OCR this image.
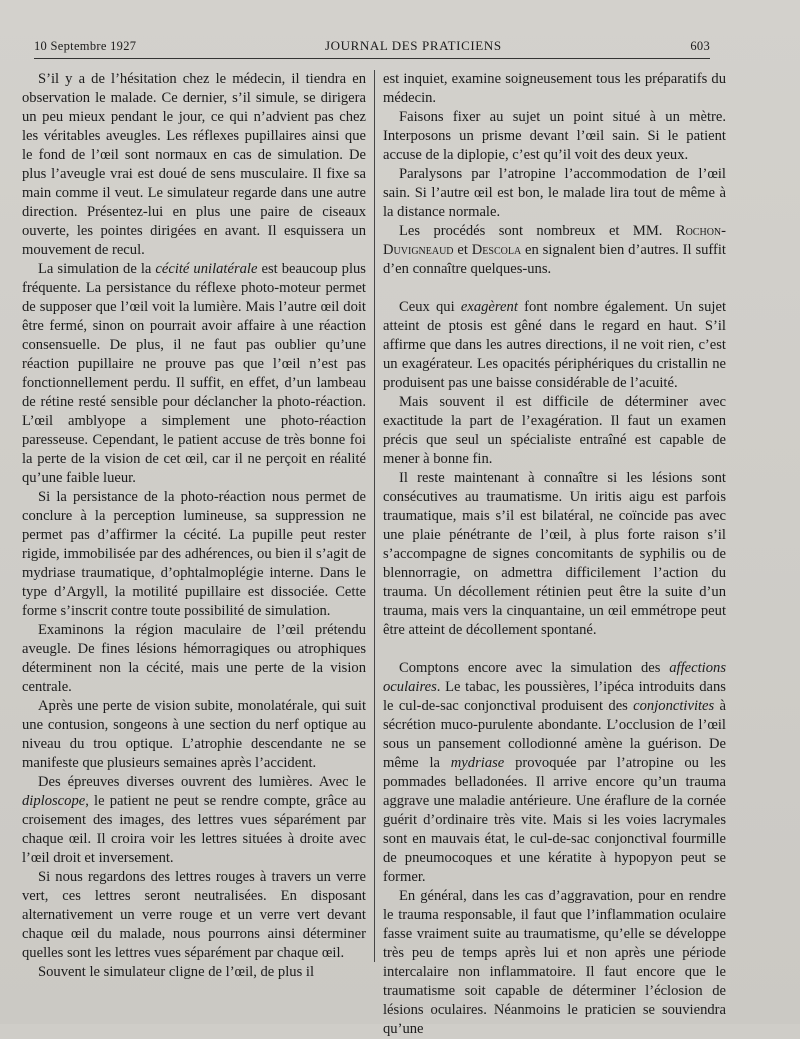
10 Septembre 1927	JOURNAL DES PRATICIENS	603

S’il y a de l’hésitation chez le médecin, il tiendra en observation le malade. Ce dernier, s’il simule, se dirigera un peu mieux pendant le jour, ce qui n’advient pas chez les véritables aveugles. Les réflexes pupillaires ainsi que le fond de l’œil sont normaux en cas de simulation. De plus l’aveugle vrai est doué de sens musculaire. Il fixe sa main comme il veut. Le simulateur regarde dans une autre direction. Présentez-lui en plus une paire de ciseaux ouverte, les pointes dirigées en avant. Il esquissera un mouvement de recul.

La simulation de la cécité unilatérale est beaucoup plus fréquente. La persistance du réflexe photo-moteur permet de supposer que l’œil voit la lumière. Mais l’autre œil doit être fermé, sinon on pourrait avoir affaire à une réaction consensuelle. De plus, il ne faut pas oublier qu’une réaction pupillaire ne prouve pas que l’œil n’est pas fonctionnellement perdu. Il suffit, en effet, d’un lambeau de rétine resté sensible pour déclancher la photo-réaction. L’œil amblyope a simplement une photo-réaction paresseuse. Cependant, le patient accuse de très bonne foi la perte de la vision de cet œil, car il ne perçoit en réalité qu’une faible lueur.

Si la persistance de la photo-réaction nous permet de conclure à la perception lumineuse, sa suppression ne permet pas d’affirmer la cécité. La pupille peut rester rigide, immobilisée par des adhérences, ou bien il s’agit de mydriase traumatique, d’ophtalmoplégie interne. Dans le type d’Argyll, la motilité pupillaire est dissociée. Cette forme s’inscrit contre toute possibilité de simulation.

Examinons la région maculaire de l’œil prétendu aveugle. De fines lésions hémorragiques ou atrophiques déterminent non la cécité, mais une perte de la vision centrale.

Après une perte de vision subite, monolatérale, qui suit une contusion, songeons à une section du nerf optique au niveau du trou optique. L’atrophie descendante ne se manifeste que plusieurs semaines après l’accident.

Des épreuves diverses ouvrent des lumières. Avec le diploscope, le patient ne peut se rendre compte, grâce au croisement des images, des lettres vues séparément par chaque œil. Il croira voir les lettres situées à droite avec l’œil droit et inversement.

Si nous regardons des lettres rouges à travers un verre vert, ces lettres seront neutralisées. En disposant alternativement un verre rouge et un verre vert devant chaque œil du malade, nous pourrons ainsi déterminer quelles sont les lettres vues séparément par chaque œil.

Souvent le simulateur cligne de l’œil, de plus il

est inquiet, examine soigneusement tous les préparatifs du médecin.

Faisons fixer au sujet un point situé à un mètre. Interposons un prisme devant l’œil sain. Si le patient accuse de la diplopie, c’est qu’il voit des deux yeux.

Paralysons par l’atropine l’accommodation de l’œil sain. Si l’autre œil est bon, le malade lira tout de même à la distance normale.

Les procédés sont nombreux et MM. Rochon-Duvigneaud et Descola en signalent bien d’autres. Il suffit d’en connaître quelques-uns.

Ceux qui exagèrent font nombre également. Un sujet atteint de ptosis est gêné dans le regard en haut. S’il affirme que dans les autres directions, il ne voit rien, c’est un exagérateur. Les opacités périphériques du cristallin ne produisent pas une baisse considérable de l’acuité.

Mais souvent il est difficile de déterminer avec exactitude la part de l’exagération. Il faut un examen précis que seul un spécialiste entraîné est capable de mener à bonne fin.

Il reste maintenant à connaître si les lésions sont consécutives au traumatisme. Un iritis aigu est parfois traumatique, mais s’il est bilatéral, ne coïncide pas avec une plaie pénétrante de l’œil, à plus forte raison s’il s’accompagne de signes concomitants de syphilis ou de blennorragie, on admettra difficilement l’action du trauma. Un décollement rétinien peut être la suite d’un trauma, mais vers la cinquantaine, un œil emmétrope peut être atteint de décollement spontané.

Comptons encore avec la simulation des affections oculaires. Le tabac, les poussières, l’ipéca introduits dans le cul-de-sac conjonctival produisent des conjonctivites à sécrétion muco-purulente abondante. L’occlusion de l’œil sous un pansement collodionné amène la guérison. De même la mydriase provoquée par l’atropine ou les pommades belladonées. Il arrive encore qu’un trauma aggrave une maladie antérieure. Une éraflure de la cornée guérit d’ordinaire très vite. Mais si les voies lacrymales sont en mauvais état, le cul-de-sac conjonctival fourmille de pneumocoques et une kératite à hypopyon peut se former.

En général, dans les cas d’aggravation, pour en rendre le trauma responsable, il faut que l’inflammation oculaire fasse vraiment suite au traumatisme, qu’elle se développe très peu de temps après lui et non après une période intercalaire non inflammatoire. Il faut encore que le traumatisme soit capable de déterminer l’éclosion de lésions oculaires. Néanmoins le praticien se souviendra qu’une
